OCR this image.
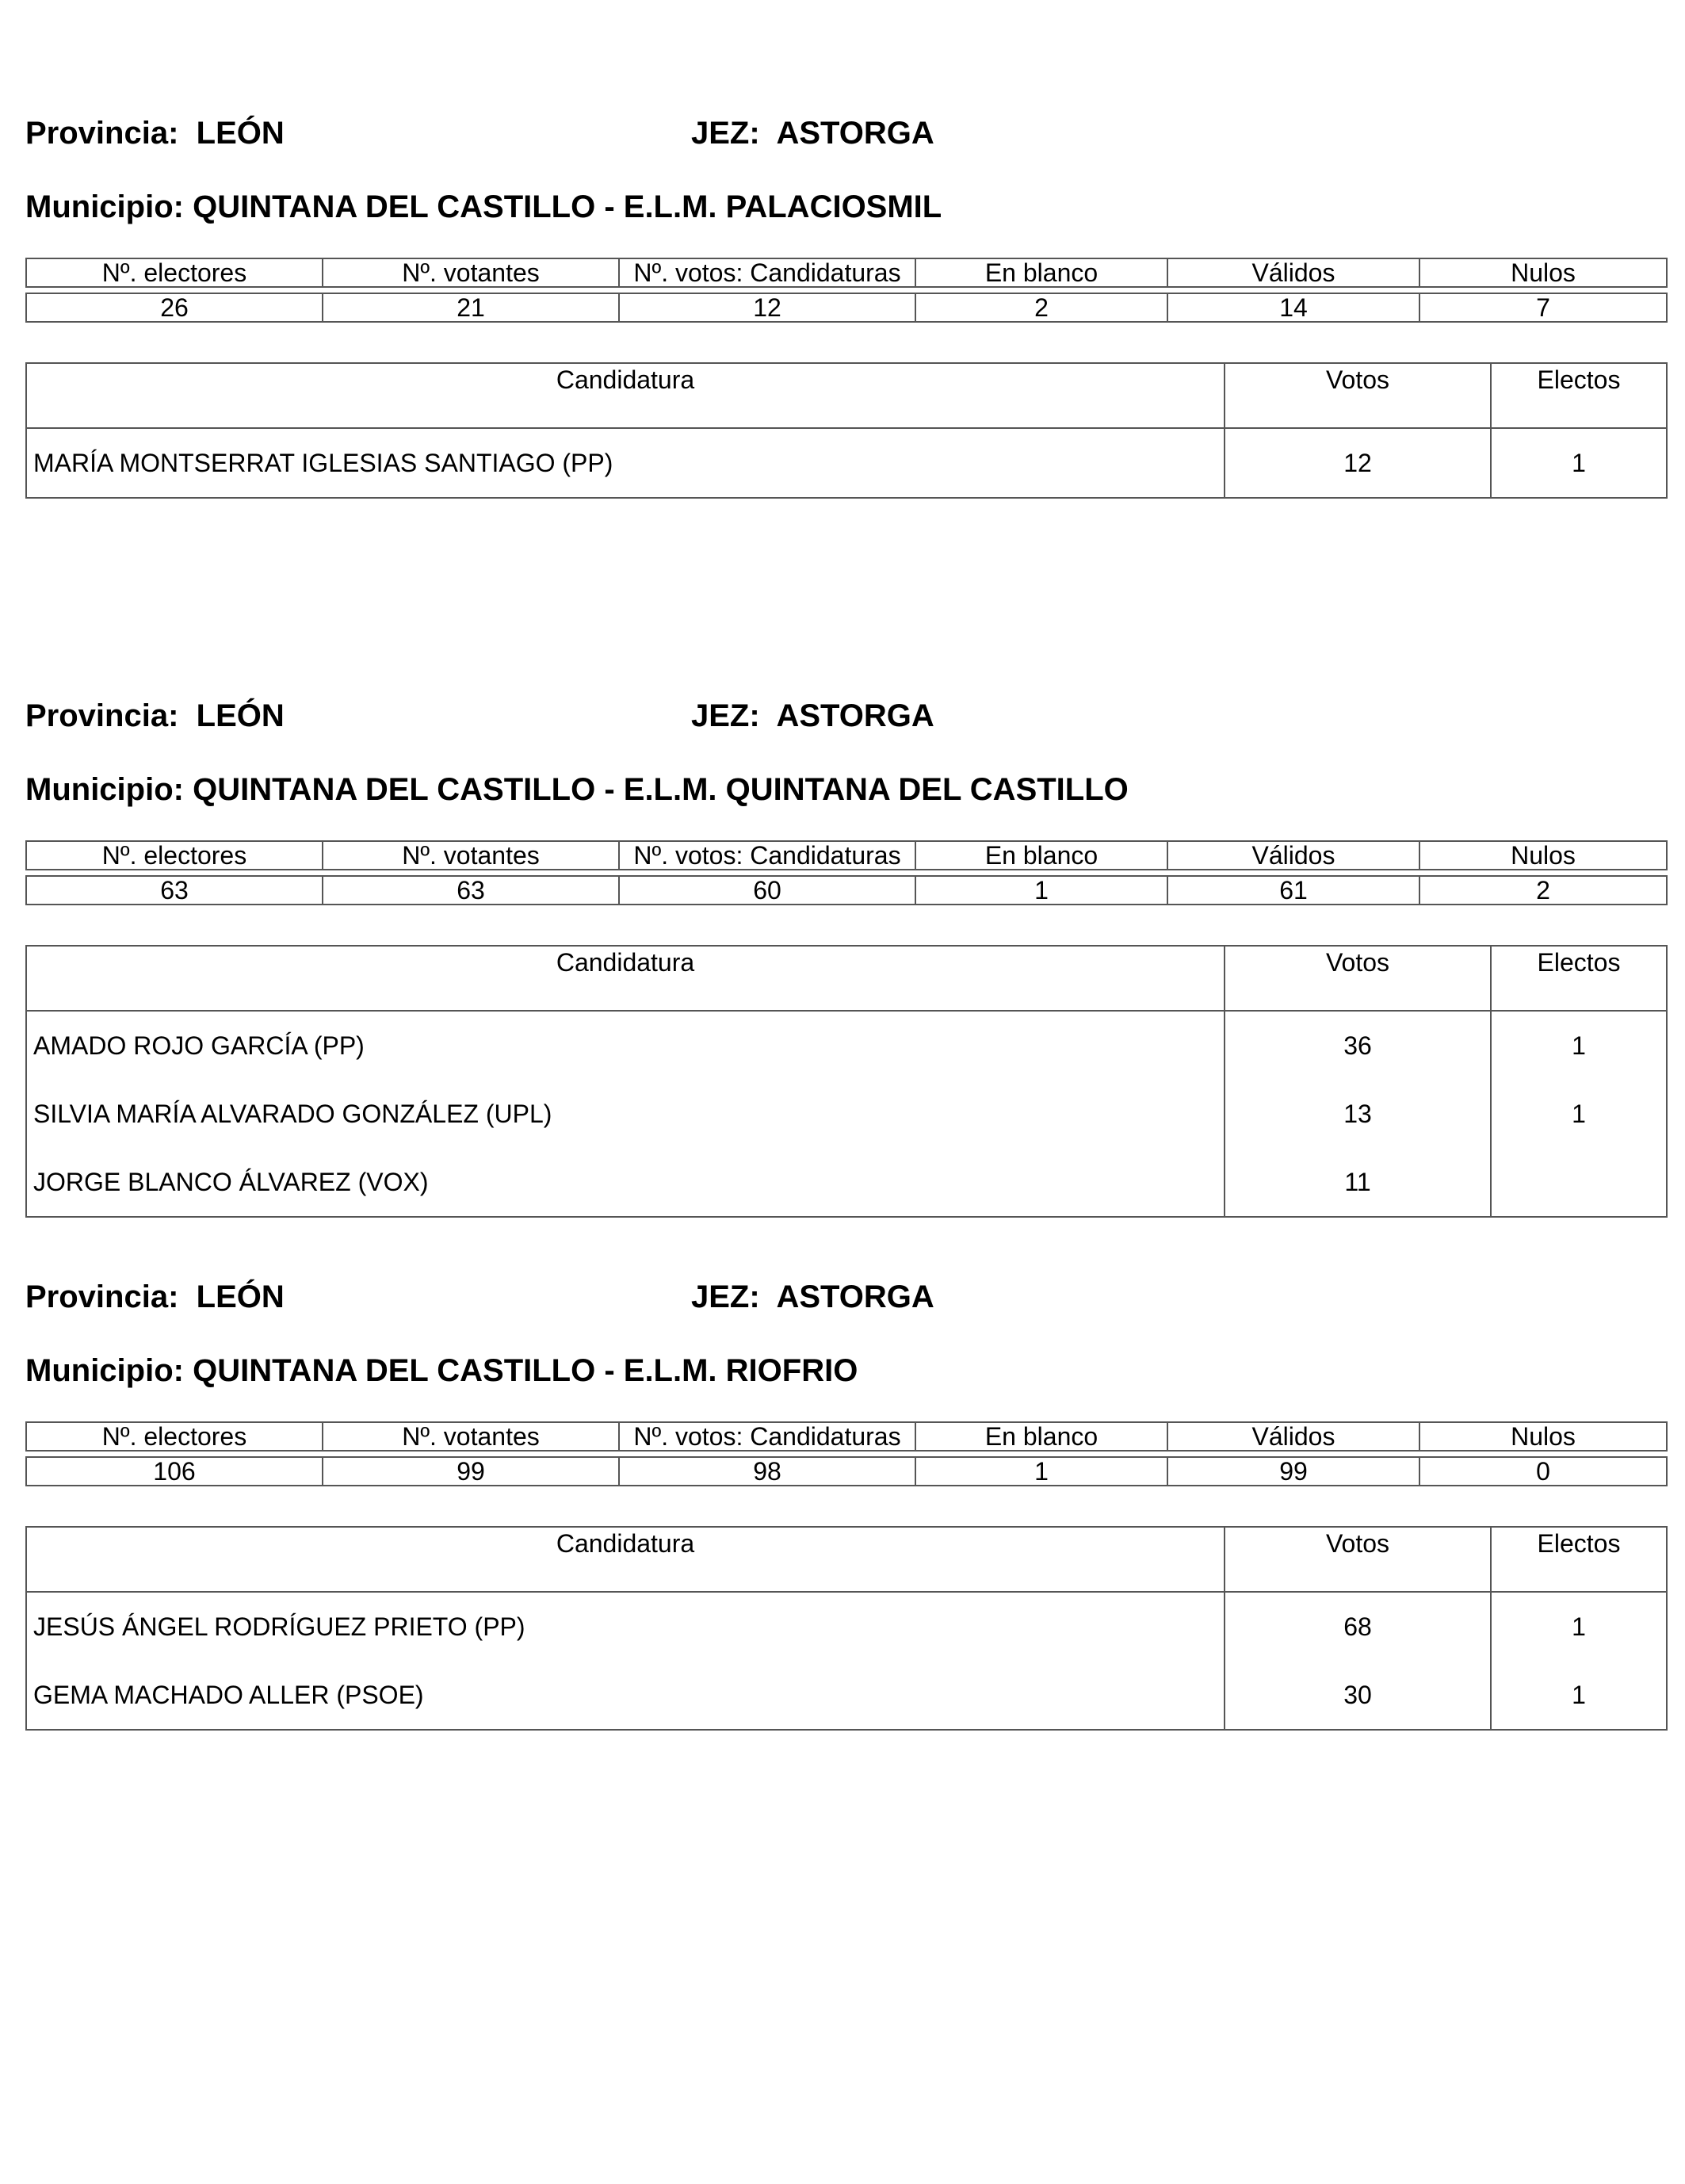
Provincia: LEÓN	JEZ: ASTORGA
Municipio: QUINTANA DEL CASTILLO - E.L.M. PALACIOSMIL
Nº. electores	Nº. votantes	Nº. votos: Candidaturas	En blanco	Válidos	Nulos

26	21	12	2	14	7
Candidatura	Votos	Electos
MARÍA MONTSERRAT IGLESIAS SANTIAGO (PP)	12	1
Provincia: LEÓN	JEZ: ASTORGA
Municipio: QUINTANA DEL CASTILLO - E.L.M. QUINTANA DEL CASTILLO
Nº. electores	Nº. votantes	Nº. votos: Candidaturas	En blanco	Válidos	Nulos

63	63	60	1	61	2
Candidatura	Votos	Electos
AMADO ROJO GARCÍA (PP)	36	1
SILVIA MARÍA ALVARADO GONZÁLEZ (UPL)	13	1
JORGE BLANCO ÁLVAREZ (VOX)	11	
Provincia: LEÓN	JEZ: ASTORGA
Municipio: QUINTANA DEL CASTILLO - E.L.M. RIOFRIO
Nº. electores	Nº. votantes	Nº. votos: Candidaturas	En blanco	Válidos	Nulos

106	99	98	1	99	0
Candidatura	Votos	Electos
JESÚS ÁNGEL RODRÍGUEZ PRIETO (PP)	68	1
GEMA MACHADO ALLER (PSOE)	30	1
